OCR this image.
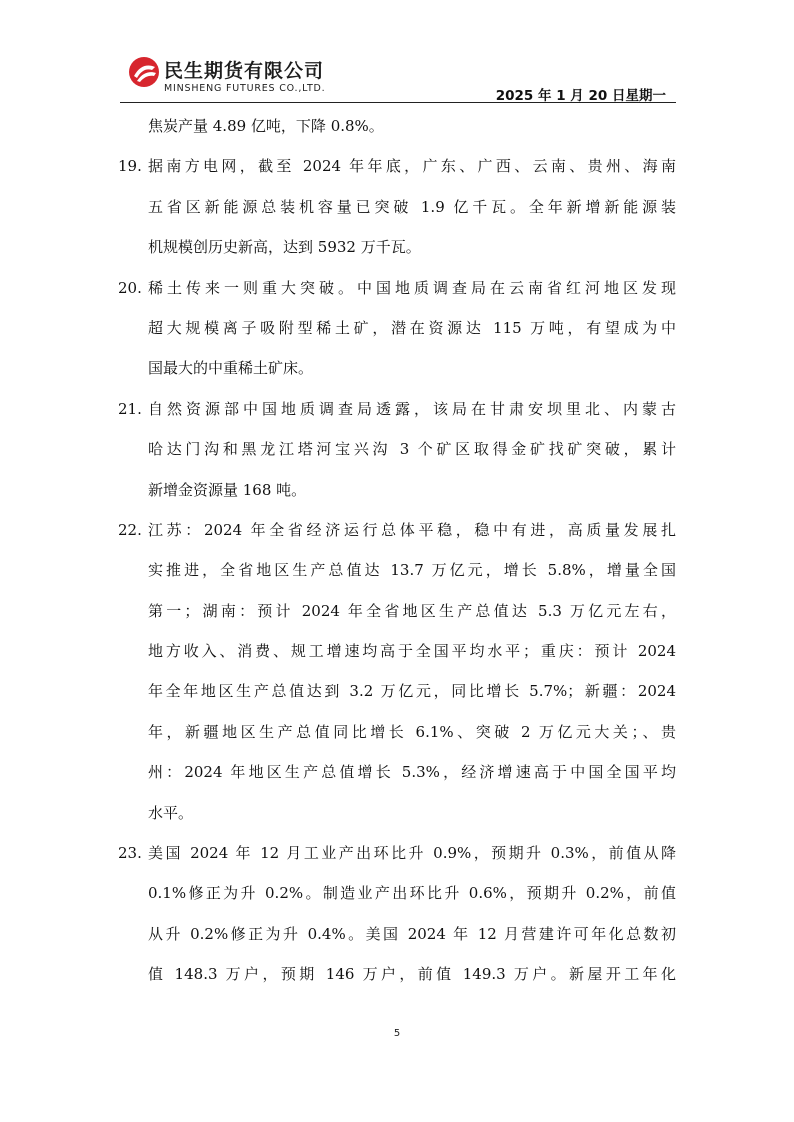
民生期货有限公司
MINSHENG FUTURES CO.,LTD.	2025 年 1 月 20 日星期一
焦炭产量 4.89 亿吨，下降 0.8%。
19. 据南方电网，截至 2024 年年底，广东、广西、云南、贵州、海南
五省区新能源总装机容量已突破 1.9 亿千瓦。全年新增新能源装
机规模创历史新高，达到 5932 万千瓦。
20. 稀土传来一则重大突破。中国地质调查局在云南省红河地区发现
超大规模离子吸附型稀土矿，潜在资源达 115 万吨，有望成为中
国最大的中重稀土矿床。
21. 自然资源部中国地质调查局透露，该局在甘肃安坝里北、内蒙古
哈达门沟和黑龙江塔河宝兴沟 3 个矿区取得金矿找矿突破，累计
新增金资源量 168 吨。
22. 江苏：2024 年全省经济运行总体平稳，稳中有进，高质量发展扎
实推进，全省地区生产总值达 13.7 万亿元，增长 5.8%，增量全国
第一；湖南：预计 2024 年全省地区生产总值达 5.3 万亿元左右，
地方收入、消费、规工增速均高于全国平均水平；重庆：预计 2024
年全年地区生产总值达到 3.2 万亿元，同比增长 5.7%；新疆：2024
年，新疆地区生产总值同比增长 6.1%、突破 2 万亿元大关；、贵
州：2024 年地区生产总值增长 5.3%，经济增速高于中国全国平均
水平。
23. 美国 2024 年 12 月工业产出环比升 0.9%，预期升 0.3%，前值从降
0.1%修正为升 0.2%。制造业产出环比升 0.6%，预期升 0.2%，前值
从升 0.2%修正为升 0.4%。美国 2024 年 12 月营建许可年化总数初
值 148.3 万户，预期 146 万户，前值 149.3 万户。新屋开工年化
5
